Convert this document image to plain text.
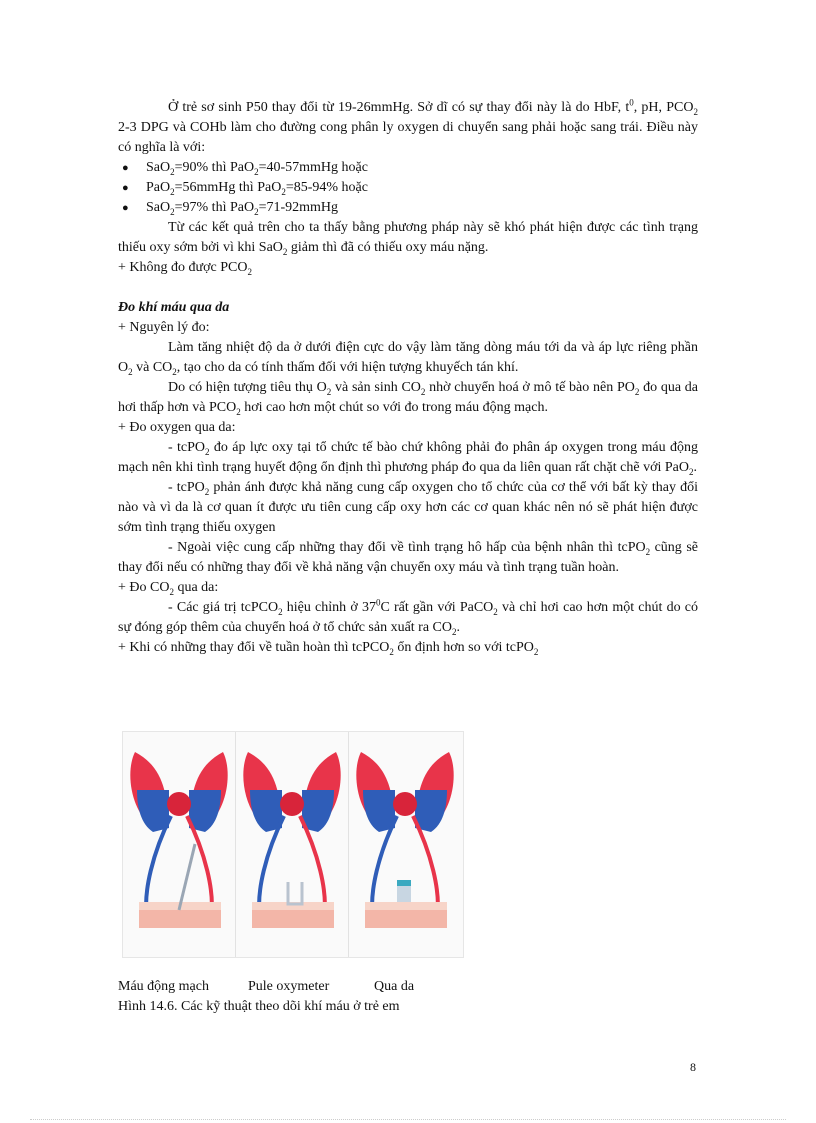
Ở trẻ sơ sinh P50 thay đổi từ 19-26mmHg. Sở dĩ có sự thay đổi này là do HbF, $t^0$, pH, $PCO_2$ 2-3 DPG và COHb làm cho đường cong phân ly oxygen di chuyển sang phải hoặc sang trái. Điều này có nghĩa là với:

● SaO$_2$=90% thì PaO$_2$=40-57mmHg hoặc

● PaO$_2$=56mmHg thì PaO$_2$=85-94% hoặc

● SaO$_2$=97% thì PaO$_2$=71-92mmHg

Từ các kết quả trên cho ta thấy bằng phương pháp này sẽ khó phát hiện được các tình trạng thiếu oxy sớm bởi vì khi SaO$_2$ giảm thì đã có thiếu oxy máu nặng.

+ Không đo được $PCO_2$

Đo khí máu qua da

+ Nguyên lý đo:

Làm tăng nhiệt độ da ở dưới điện cực do vậy làm tăng dòng máu tới da và áp lực riêng phần $O_2$ và $CO_2$, tạo cho da có tính thấm đối với hiện tượng khuyếch tán khí.

Do có hiện tượng tiêu thụ $O_2$ và sản $\sinh CO_2$ nhờ chuyển hoá ở mô tế bào nên $PO_2$ đo qua da hơi thấp hơn và $PCO_2$ hơi cao hơn một chút so với đo trong máu động mạch.

+ Đo oxygen qua da:

- tcPO$_2$ đo áp lực oxy tại tổ chức tế bào chứ không phải đo phân áp oxygen trong máu động mạch nên khi tình trạng huyết động ổn định thì phương pháp đo qua da liên quan rất chặt chẽ với PaO$_2$.

- tcPO$_2$ phản ánh được khả năng cung cấp oxygen cho tổ chức của cơ thể với bất kỳ thay đổi nào và vì da là cơ quan ít được ưu tiên cung cấp oxy hơn các cơ quan khác nên nó sẽ phát hiện được sớm tình trạng thiếu oxygen

- Ngoài việc cung cấp những thay đổi về tình trạng hô hấp của bệnh nhân thì tcPO$_2$ cũng sẽ thay đổi nếu có những thay đổi về khả năng vận chuyển oxy máu và tình trạng tuần hoàn.

+ Đo $CO_2$ qua da:

- Các giá trị tcPCO$_2$ hiệu chỉnh ở $37^0C$ rất gần với PaCO$_2$ và chỉ hơi cao hơn một chút do có sự đóng góp thêm của chuyển hoá ở tổ chức sản xuất ra $CO_2$.

+ Khi có những thay đổi về tuần hoàn thì tcPCO$_2$ ổn định hơn so với tcPO$_2$

Máu động mạch	Pule oxymeter	Qua da
Hình 14.6. Các kỹ thuật theo dõi khí máu ở trẻ em
8
